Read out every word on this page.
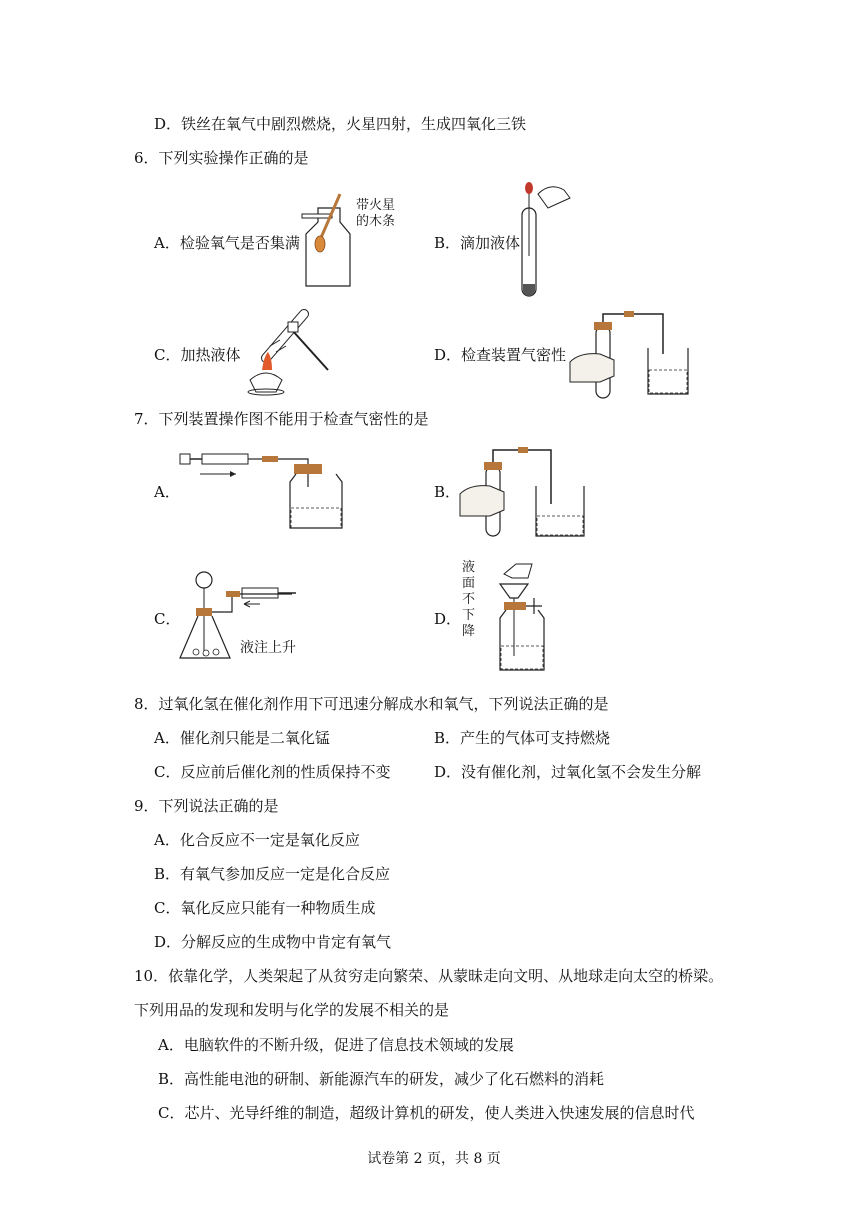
D．铁丝在氧气中剧烈燃烧，火星四射，生成四氧化三铁
6．下列实验操作正确的是
A．检验氧气是否集满
带火星的木条
B．滴加液体
C．加热液体	D．检查装置气密性
7．下列装置操作图不能用于检查气密性的是
A．	B．
C．
液注上升
D．
液面不下降
8．过氧化氢在催化剂作用下可迅速分解成水和氧气，下列说法正确的是
A．催化剂只能是二氧化锰	B．产生的气体可支持燃烧
C．反应前后催化剂的性质保持不变	D．没有催化剂，过氧化氢不会发生分解
9．下列说法正确的是
A．化合反应不一定是氧化反应
B．有氧气参加反应一定是化合反应
C．氧化反应只能有一种物质生成
D．分解反应的生成物中肯定有氧气
10．依靠化学，人类架起了从贫穷走向繁荣、从蒙昧走向文明、从地球走向太空的桥梁。
下列用品的发现和发明与化学的发展不相关的是
A．电脑软件的不断升级，促进了信息技术领域的发展
B．高性能电池的研制、新能源汽车的研发，减少了化石燃料的消耗
C．芯片、光导纤维的制造，超级计算机的研发，使人类进入快速发展的信息时代
试卷第 2 页，共 8 页
